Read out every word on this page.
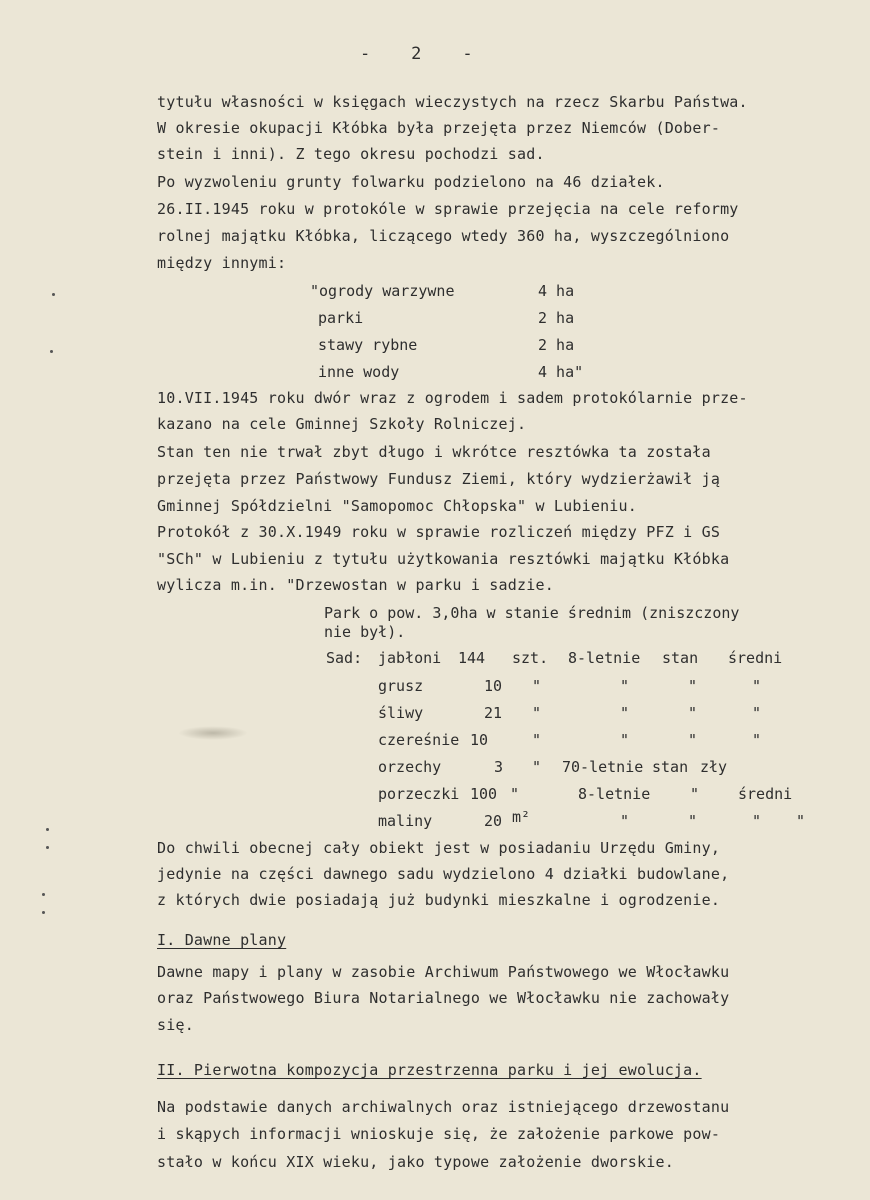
-    2    -
tytułu własności w księgach wieczystych na rzecz Skarbu Państwa.
W okresie okupacji Kłóbka była przejęta przez Niemców (Dober-
stein i inni). Z tego okresu pochodzi sad.
Po wyzwoleniu grunty folwarku podzielono na 46 działek.
26.II.1945 roku w protokóle w sprawie przejęcia na cele reformy
rolnej majątku Kłóbka, liczącego wtedy 360 ha, wyszczególniono
między innymi:
"ogrody warzywne	4 ha
parki	2 ha
stawy rybne	2 ha
inne wody	4 ha"
10.VII.1945 roku dwór wraz z ogrodem i sadem protokólarnie prze-
kazano na cele Gminnej Szkoły Rolniczej.
Stan ten nie trwał zbyt długo i wkrótce resztówka ta została
przejęta przez Państwowy Fundusz Ziemi, który wydzierżawił ją
Gminnej Spółdzielni "Samopomoc Chłopska" w Lubieniu.
Protokół z 30.X.1949 roku w sprawie rozliczeń między PFZ i GS
"SCh" w Lubieniu z tytułu użytkowania resztówki majątku Kłóbka
wylicza m.in. "Drzewostan w parku i sadzie.
Park o pow. 3,0ha w stanie średnim (zniszczony
nie był).
Sad: jabłoni 144 szt. 8-letnie stan średni
grusz	10 "	"	"	"
śliwy	21 "	"	"	"
czereśnie 10	"	"	"	"
orzechy	3 " 70-letnie stan zły
porzeczki 100 "	8-letnie	"	średni
maliny	20 m²	"	"	" "
Do chwili obecnej cały obiekt jest w posiadaniu Urzędu Gminy,
jedynie na części dawnego sadu wydzielono 4 działki budowlane,
z których dwie posiadają już budynki mieszkalne i ogrodzenie.
I. Dawne plany
Dawne mapy i plany w zasobie Archiwum Państwowego we Włocławku
oraz Państwowego Biura Notarialnego we Włocławku nie zachowały
się.
II. Pierwotna kompozycja przestrzenna parku i jej ewolucja.
Na podstawie danych archiwalnych oraz istniejącego drzewostanu
i skąpych informacji wnioskuje się, że założenie parkowe pow-
stało w końcu XIX wieku, jako typowe założenie dworskie.
